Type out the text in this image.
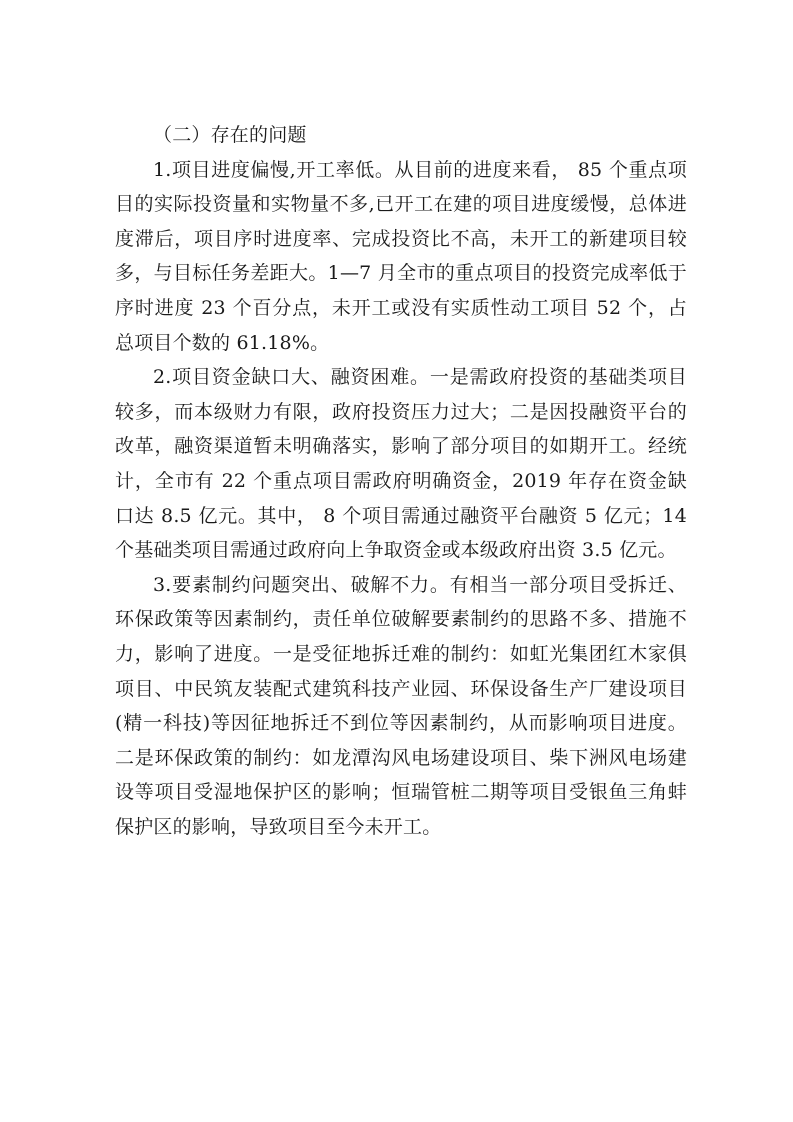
（二）存在的问题

1.项目进度偏慢,开工率低。从目前的进度来看， 85 个重点项目的实际投资量和实物量不多,已开工在建的项目进度缓慢，总体进度滞后，项目序时进度率、完成投资比不高，未开工的新建项目较多，与目标任务差距大。1—7 月全市的重点项目的投资完成率低于序时进度 23 个百分点，未开工或没有实质性动工项目 52 个，占总项目个数的 61.18%。

2.项目资金缺口大、融资困难。一是需政府投资的基础类项目较多，而本级财力有限，政府投资压力过大；二是因投融资平台的改革，融资渠道暂未明确落实，影响了部分项目的如期开工。经统计，全市有 22 个重点项目需政府明确资金，2019 年存在资金缺口达 8.5 亿元。其中， 8 个项目需通过融资平台融资 5 亿元；14 个基础类项目需通过政府向上争取资金或本级政府出资 3.5 亿元。

3.要素制约问题突出、破解不力。有相当一部分项目受拆迁、环保政策等因素制约，责任单位破解要素制约的思路不多、措施不力，影响了进度。一是受征地拆迁难的制约：如虹光集团红木家俱项目、中民筑友装配式建筑科技产业园、环保设备生产厂建设项目(精一科技)等因征地拆迁不到位等因素制约，从而影响项目进度。二是环保政策的制约：如龙潭沟风电场建设项目、柴下洲风电场建设等项目受湿地保护区的影响；恒瑞管桩二期等项目受银鱼三角蚌保护区的影响，导致项目至今未开工。
